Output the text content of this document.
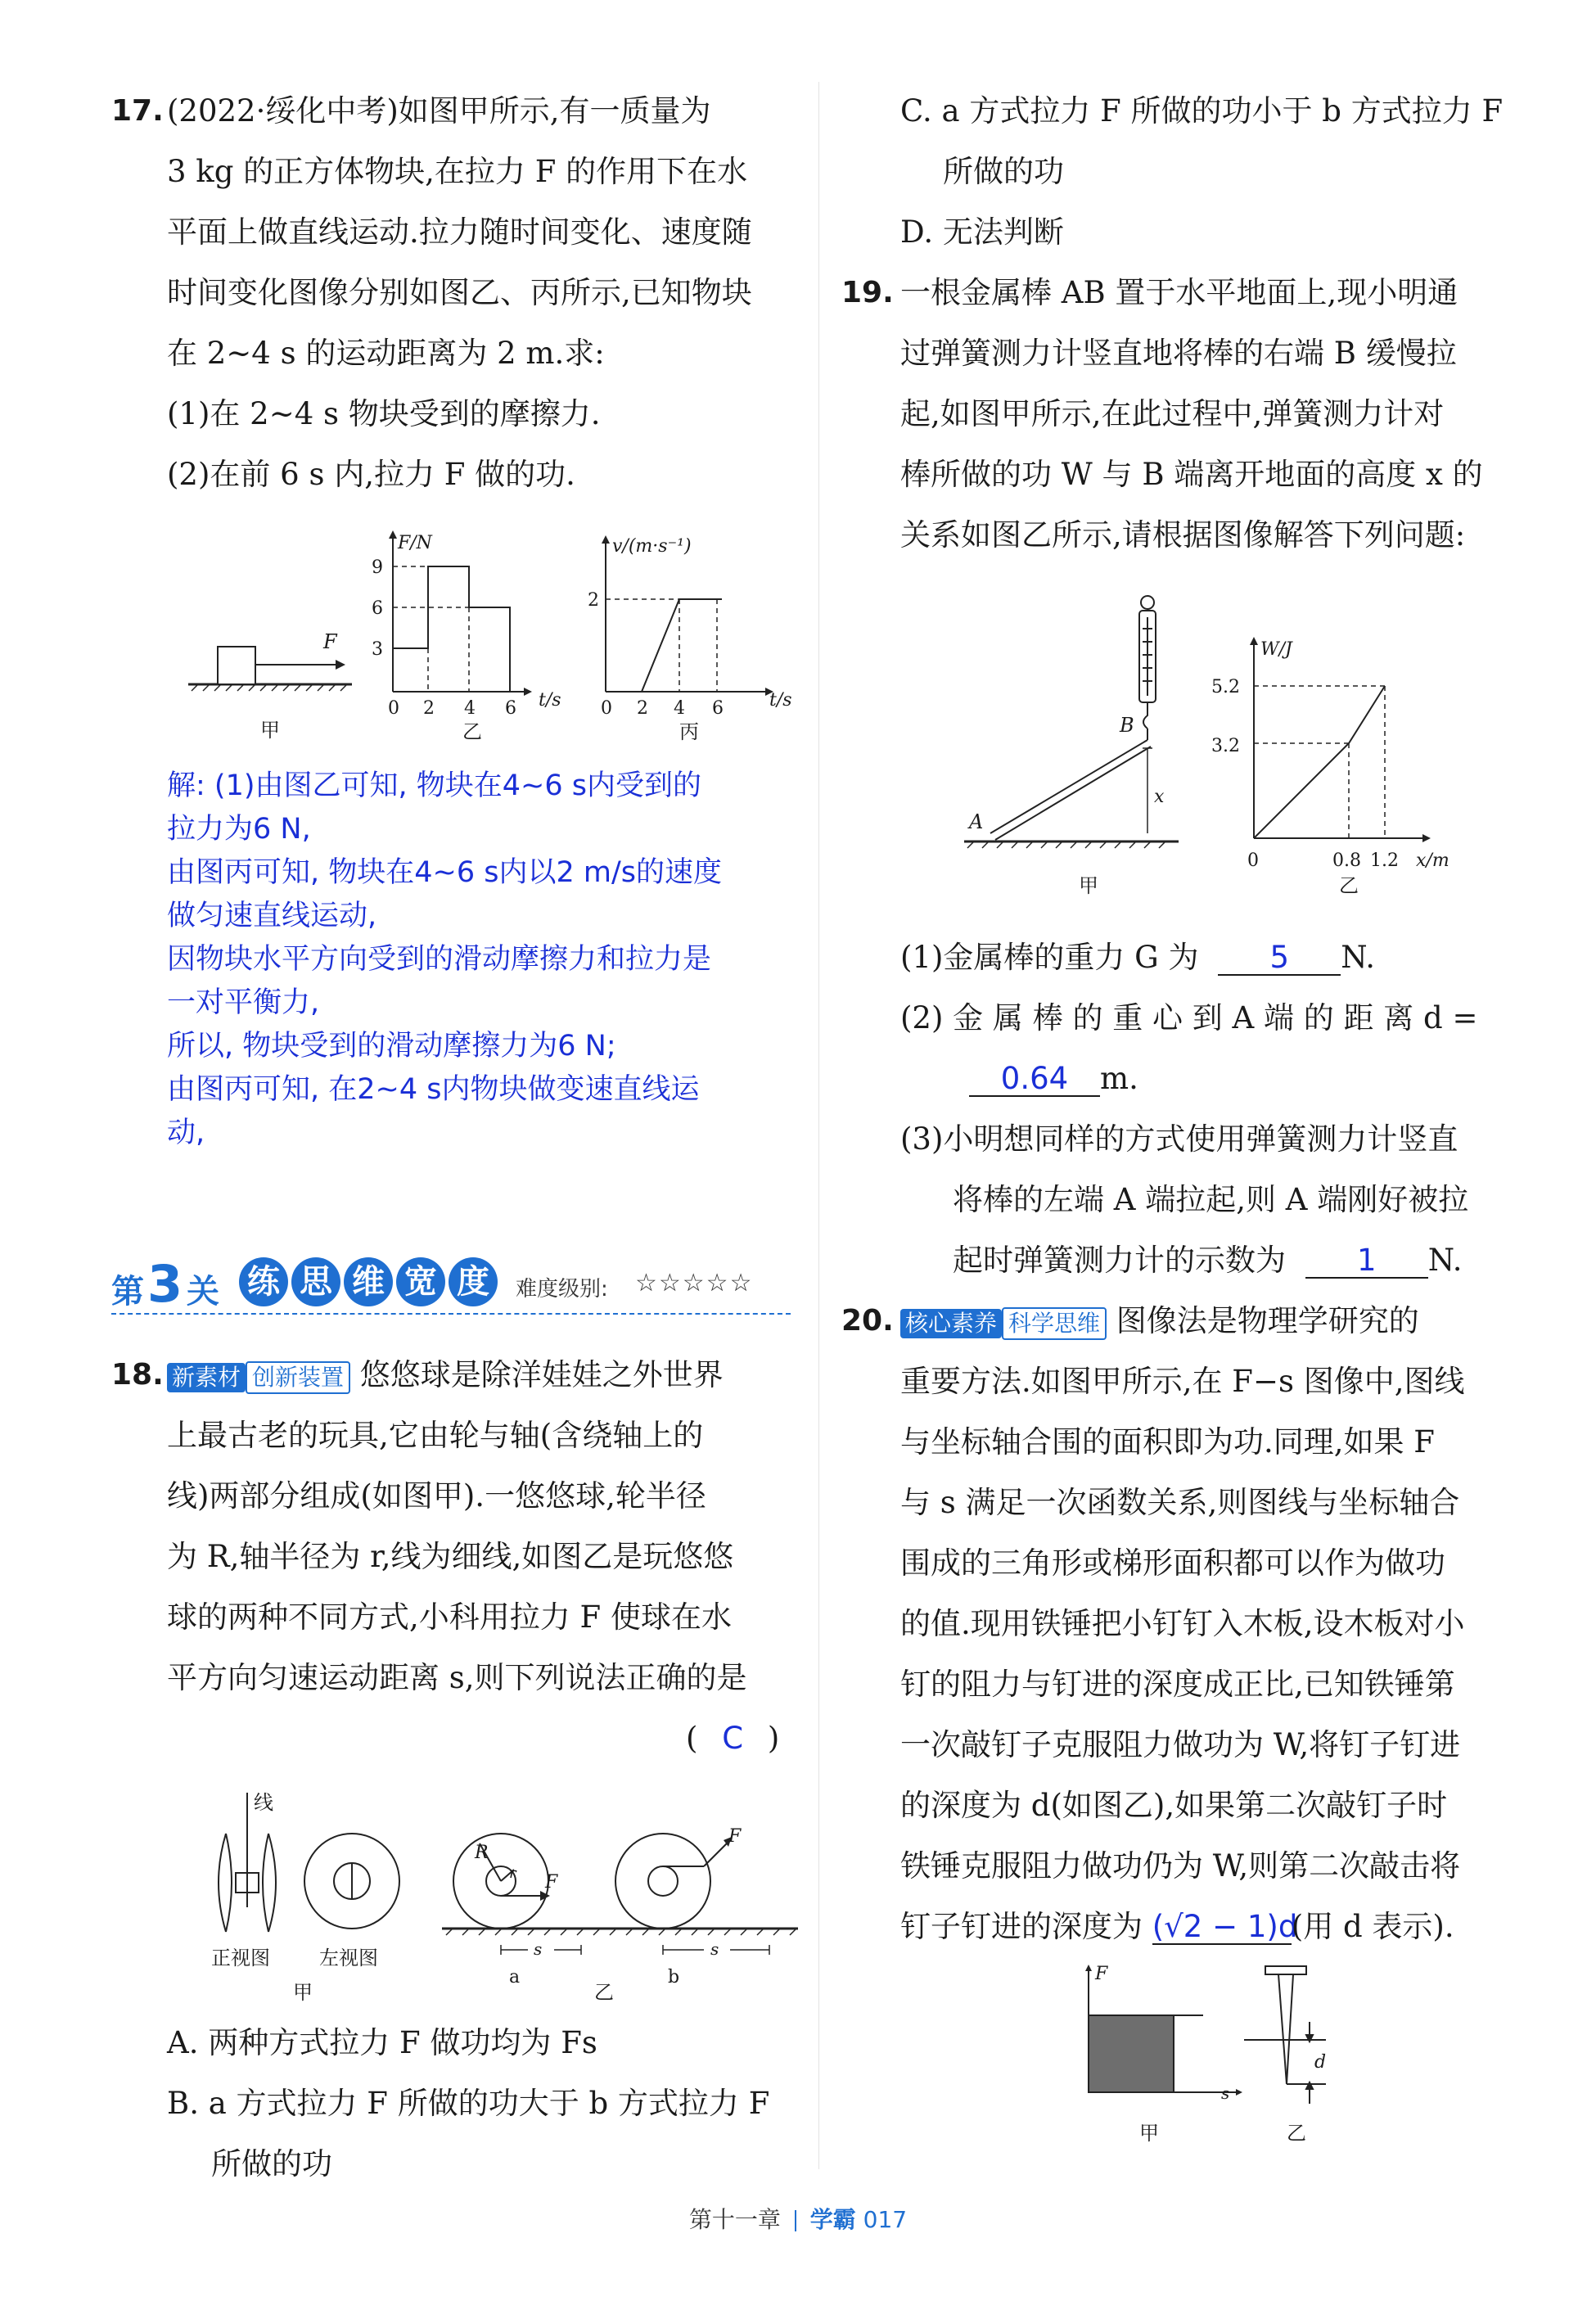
17. (2022·绥化中考)如图甲所示,有一质量为
3 kg 的正方体物块,在拉力 F 的作用下在水
平面上做直线运动.拉力随时间变化、速度随
时间变化图像分别如图乙、丙所示,已知物块
在 2~4 s 的运动距离为 2 m.求:
(1)在 2~4 s 物块受到的摩擦力.
(2)在前 6 s 内,拉力 F 做的功.
F
甲
F/N
t/s
9
6
3
0 2 4 6
乙
v/(m·s⁻¹)
t/s
2
0 2 4 6
丙
解: (1)由图乙可知, 物块在4~6 s内受到的
拉力为6 N,
由图丙可知, 物块在4~6 s内以2 m/s的速度
做匀速直线运动,
因物块水平方向受到的滑动摩擦力和拉力是
一对平衡力,
所以, 物块受到的滑动摩擦力为6 N;
由图丙可知, 在2~4 s内物块做变速直线运
动,
第 3 关 练 思 维 宽 度	难度级别: ☆☆☆☆☆
18. 新素材 创新装置 悠悠球是除洋娃娃之外世界
上最古老的玩具,它由轮与轴(含绕轴上的
线)两部分组成(如图甲).一悠悠球,轮半径
为 R,轴半径为 r,线为细线,如图乙是玩悠悠
球的两种不同方式,小科用拉力 F 使球在水
平方向匀速运动距离 s,则下列说法正确的是
( C )
线
正视图	左视图
甲
R
r F
s
a
F
s
b
乙
A. 两种方式拉力 F 做功均为 Fs
B. a 方式拉力 F 所做的功大于 b 方式拉力 F
所做的功
C. a 方式拉力 F 所做的功小于 b 方式拉力 F
所做的功
D. 无法判断
19. 一根金属棒 AB 置于水平地面上,现小明通
过弹簧测力计竖直地将棒的右端 B 缓慢拉
起,如图甲所示,在此过程中,弹簧测力计对
棒所做的功 W 与 B 端离开地面的高度 x 的
关系如图乙所示,请根据图像解答下列问题:
B
A
x
甲
W/J
x/m
5.2
3.2
0	0.8 1.2
乙
(1)金属棒的重力 G 为 5 N.
(2) 金 属 棒 的 重 心 到 A 端 的 距 离 d =
0.64 m.
(3)小明想同样的方式使用弹簧测力计竖直
将棒的左端 A 端拉起,则 A 端刚好被拉
起时弹簧测力计的示数为 1 N.
20. 核心素养 科学思维 图像法是物理学研究的
重要方法.如图甲所示,在 F−s 图像中,图线
与坐标轴合围的面积即为功.同理,如果 F
与 s 满足一次函数关系,则图线与坐标轴合
围成的三角形或梯形面积都可以作为做功
的值.现用铁锤把小钉钉入木板,设木板对小
钉的阻力与钉进的深度成正比,已知铁锤第
一次敲钉子克服阻力做功为 W,将钉子钉进
的深度为 d(如图乙),如果第二次敲钉子时
铁锤克服阻力做功仍为 W,则第二次敲击将
钉子钉进的深度为 (√2 − 1)d(用 d 表示).
F
s
甲
d
乙
第十一章 学霸 017
